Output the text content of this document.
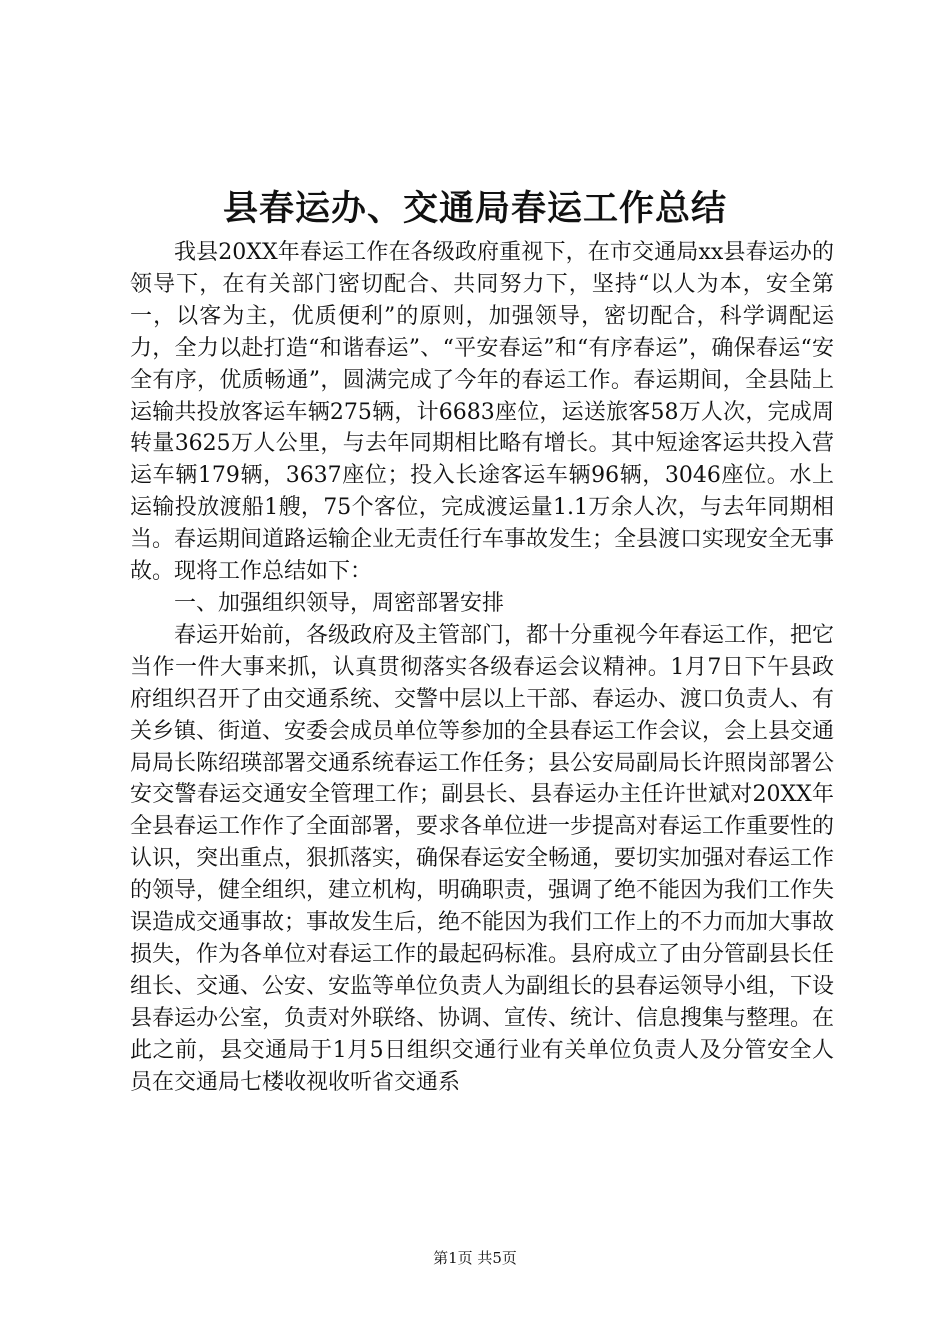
县春运办、交通局春运工作总结

我县20XX年春运工作在各级政府重视下，在市交通局xx县春运办的领导下，在有关部门密切配合、共同努力下，坚持“以人为本，安全第一，以客为主，优质便利”的原则，加强领导，密切配合，科学调配运力，全力以赴打造“和谐春运”、“平安春运”和“有序春运”，确保春运“安全有序，优质畅通”，圆满完成了今年的春运工作。春运期间，全县陆上运输共投放客运车辆275辆，计6683座位，运送旅客58万人次，完成周转量3625万人公里，与去年同期相比略有增长。其中短途客运共投入营运车辆179辆，3637座位；投入长途客运车辆96辆，3046座位。水上运输投放渡船1艘，75个客位，完成渡运量1.1万余人次，与去年同期相当。春运期间道路运输企业无责任行车事故发生；全县渡口实现安全无事故。现将工作总结如下：

一、加强组织领导，周密部署安排

春运开始前，各级政府及主管部门，都十分重视今年春运工作，把它当作一件大事来抓，认真贯彻落实各级春运会议精神。1月7日下午县政府组织召开了由交通系统、交警中层以上干部、春运办、渡口负责人、有关乡镇、街道、安委会成员单位等参加的全县春运工作会议，会上县交通局局长陈绍瑛部署交通系统春运工作任务；县公安局副局长许照岗部署公安交警春运交通安全管理工作；副县长、县春运办主任许世斌对20XX年全县春运工作作了全面部署，要求各单位进一步提高对春运工作重要性的认识，突出重点，狠抓落实，确保春运安全畅通，要切实加强对春运工作的领导，健全组织，建立机构，明确职责，强调了绝不能因为我们工作失误造成交通事故；事故发生后，绝不能因为我们工作上的不力而加大事故损失，作为各单位对春运工作的最起码标准。县府成立了由分管副县长任组长、交通、公安、安监等单位负责人为副组长的县春运领导小组，下设县春运办公室，负责对外联络、协调、宣传、统计、信息搜集与整理。在此之前，县交通局于1月5日组织交通行业有关单位负责人及分管安全人员在交通局七楼收视收听省交通系

第1页 共5页
